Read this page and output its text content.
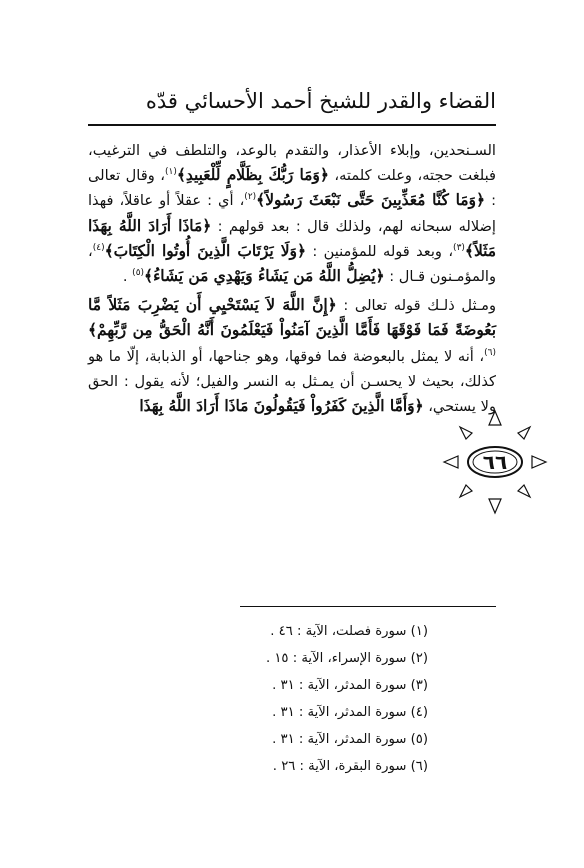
القضاء والقدر للشيخ أحمد الأحسائي قدّه

السـنحدين، وإبلاء الأعذار، والتقدم بالوعد، والتلطف في الترغيب، فبلغت حجته، وعلت كلمته، ﴿وَمَا رَبُّكَ بِظَلَّامٍ لِّلْعَبِيدِ﴾$^{(١)}$، وقال تعالى : ﴿وَمَا كُنَّا مُعَذِّبِينَ حَتَّى نَبْعَثَ رَسُولاً﴾$^{(٢)}$، أي : عقلاً أو عاقلاً، فهذا إضلاله سبحانه لهم، ولذلك قال : بعد قولهم : ﴿مَاذَا أَرَادَ اللَّهُ بِهَذَا مَثَلاً﴾$^{(٣)}$، وبعد قوله للمؤمنين : ﴿وَلَا يَرْتَابَ الَّذِينَ أُوتُوا الْكِتَابَ﴾$^{(٤)}$، والمؤمـنون قـال : ﴿يُضِلُّ اللَّهُ مَن يَشَاءُ وَيَهْدِي مَن يَشَاءُ﴾$^{(٥)}$ .

ومـثل ذلـك قوله تعالى : ﴿إِنَّ اللَّهَ لاَ يَسْتَحْيِي أَن يَضْرِبَ مَثَلاً مَّا بَعُوضَةً فَمَا فَوْقَهَا فَأَمَّا الَّذِينَ آمَنُواْ فَيَعْلَمُونَ أَنَّهُ الْحَقُّ مِن رَّبِّهِمْ﴾$^{(٦)}$، أنه لا يمثل بالبعوضة فما فوقها، وهو جناحها، أو الذبابة، إلّا ما هو كذلك، بحيث لا يحسـن أن يمـثل به النسر والفيل؛ لأنه يقول : الحق ولا يستحي، ﴿وَأَمَّا الَّذِينَ كَفَرُواْ فَيَقُولُونَ مَاذَا أَرَادَ اللَّهُ بِهَذَا

٦٦
(١) سورة فصلت، الآية : ٤٦ .
(٢) سورة الإسراء، الآية : ١٥ .
(٣) سورة المدثر، الآية : ٣١ .
(٤) سورة المدثر، الآية : ٣١ .
(٥) سورة المدثر، الآية : ٣١ .
(٦) سورة البقرة، الآية : ٢٦ .
